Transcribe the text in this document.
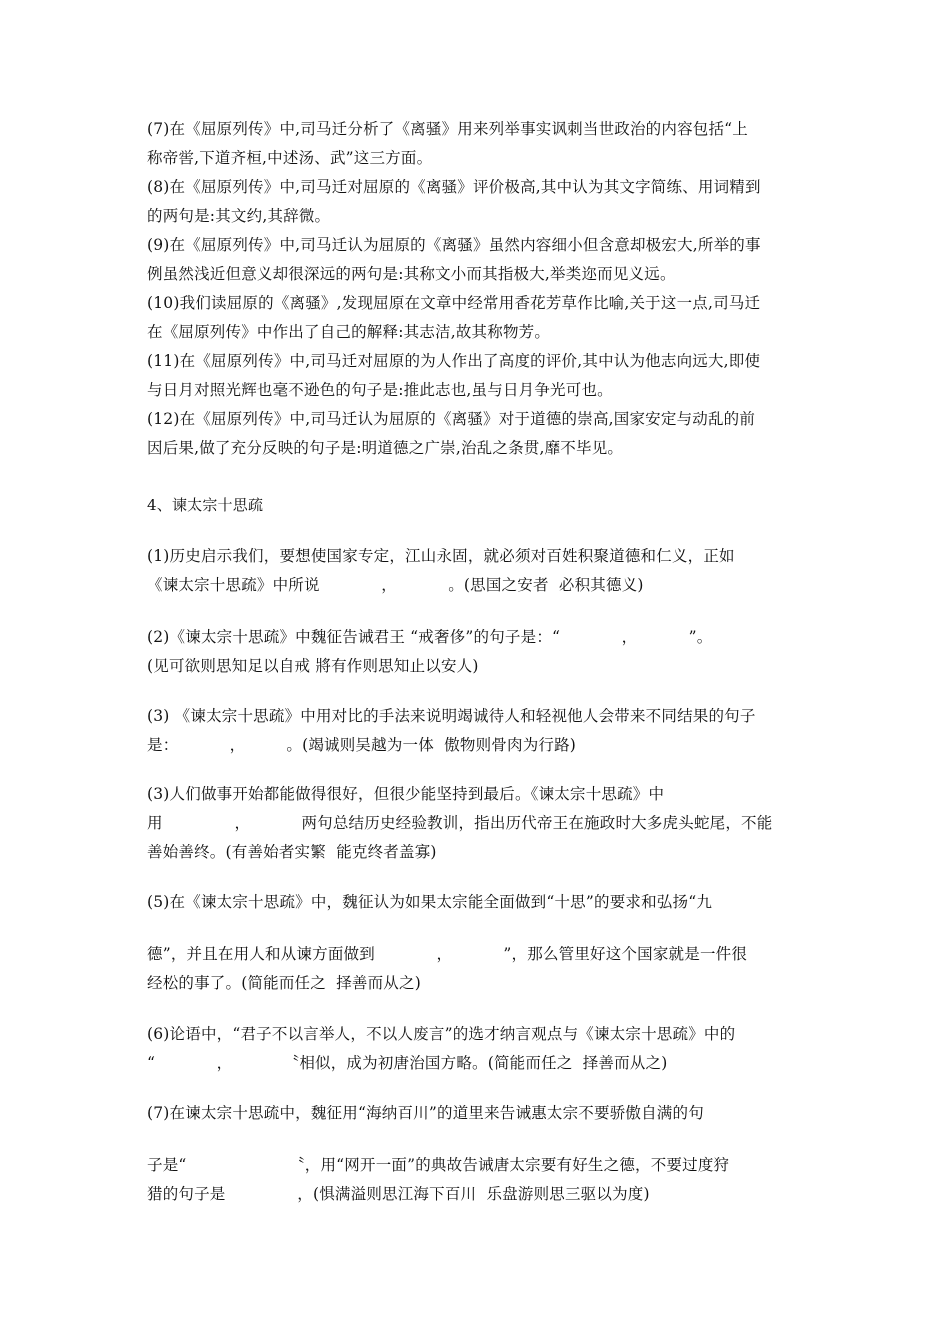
(7)在《屈原列传》中,司马迁分析了《离骚》用来列举事实讽刺当世政治的内容包括“上
称帝喾,下道齐桓,中述汤、武”这三方面。
(8)在《屈原列传》中,司马迁对屈原的《离骚》评价极高,其中认为其文字简练、用词精到
的两句是:其文约,其辞微。
(9)在《屈原列传》中,司马迁认为屈原的《离骚》虽然内容细小但含意却极宏大,所举的事
例虽然浅近但意义却很深远的两句是:其称文小而其指极大,举类迩而见义远。
(10)我们读屈原的《离骚》,发现屈原在文章中经常用香花芳草作比喻,关于这一点,司马迁
在《屈原列传》中作出了自己的解释:其志洁,故其称物芳。
(11)在《屈原列传》中,司马迁对屈原的为人作出了高度的评价,其中认为他志向远大,即使
与日月对照光辉也毫不逊色的句子是:推此志也,虽与日月争光可也。
(12)在《屈原列传》中,司马迁认为屈原的《离骚》对于道德的崇高,国家安定与动乱的前
因后果,做了充分反映的句子是:明道德之广崇,治乱之条贯,靡不毕见。
4、谏太宗十思疏
(1)历史启示我们，要想使国家专定，江山永固，就必须对百姓积聚道德和仁义，正如
《谏太宗十思疏》中所说            ，          。(思国之安者  必积其德义)
(2)《谏太宗十思疏》中魏征告诫君王 “戒奢侈”的句子是：“            ，          ”。
(见可欲则思知足以自戒 將有作则思知止以安人)
(3) 《谏太宗十思疏》中用对比的手法来说明竭诚待人和轻视他人会带来不同结果的句子
是：          ，        。(竭诚则吴越为一体  傲物则骨肉为行路)
(3)人们做事开始都能做得很好，但很少能坚持到最后。《谏太宗十思疏》中
用              ，          两句总结历史经验教训，指出历代帝王在施政时大多虎头蛇尾，不能
善始善终。(有善始者实繁  能克终者盖寡)
(5)在《谏太宗十思疏》中，魏征认为如果太宗能全面做到“十思”的要求和弘扬“九
德”，并且在用人和从谏方面做到            ，          ”，那么管里好这个国家就是一件很
经松的事了。(简能而任之  择善而从之)
(6)论语中，“君子不以言举人，不以人废言”的选才纳言观点与《谏太宗十思疏》中的
“            ，          〝相似，成为初唐治国方略。(简能而任之  择善而从之)
(7)在谏太宗十思疏中，魏征用“海纳百川”的道里来告诫惠太宗不要骄傲自满的句
子是“                    〝，用“网开一面”的典故告诫唐太宗要有好生之德，不要过度狩
猎的句子是              ，(惧满溢则思江海下百川  乐盘游则思三驱以为度)
